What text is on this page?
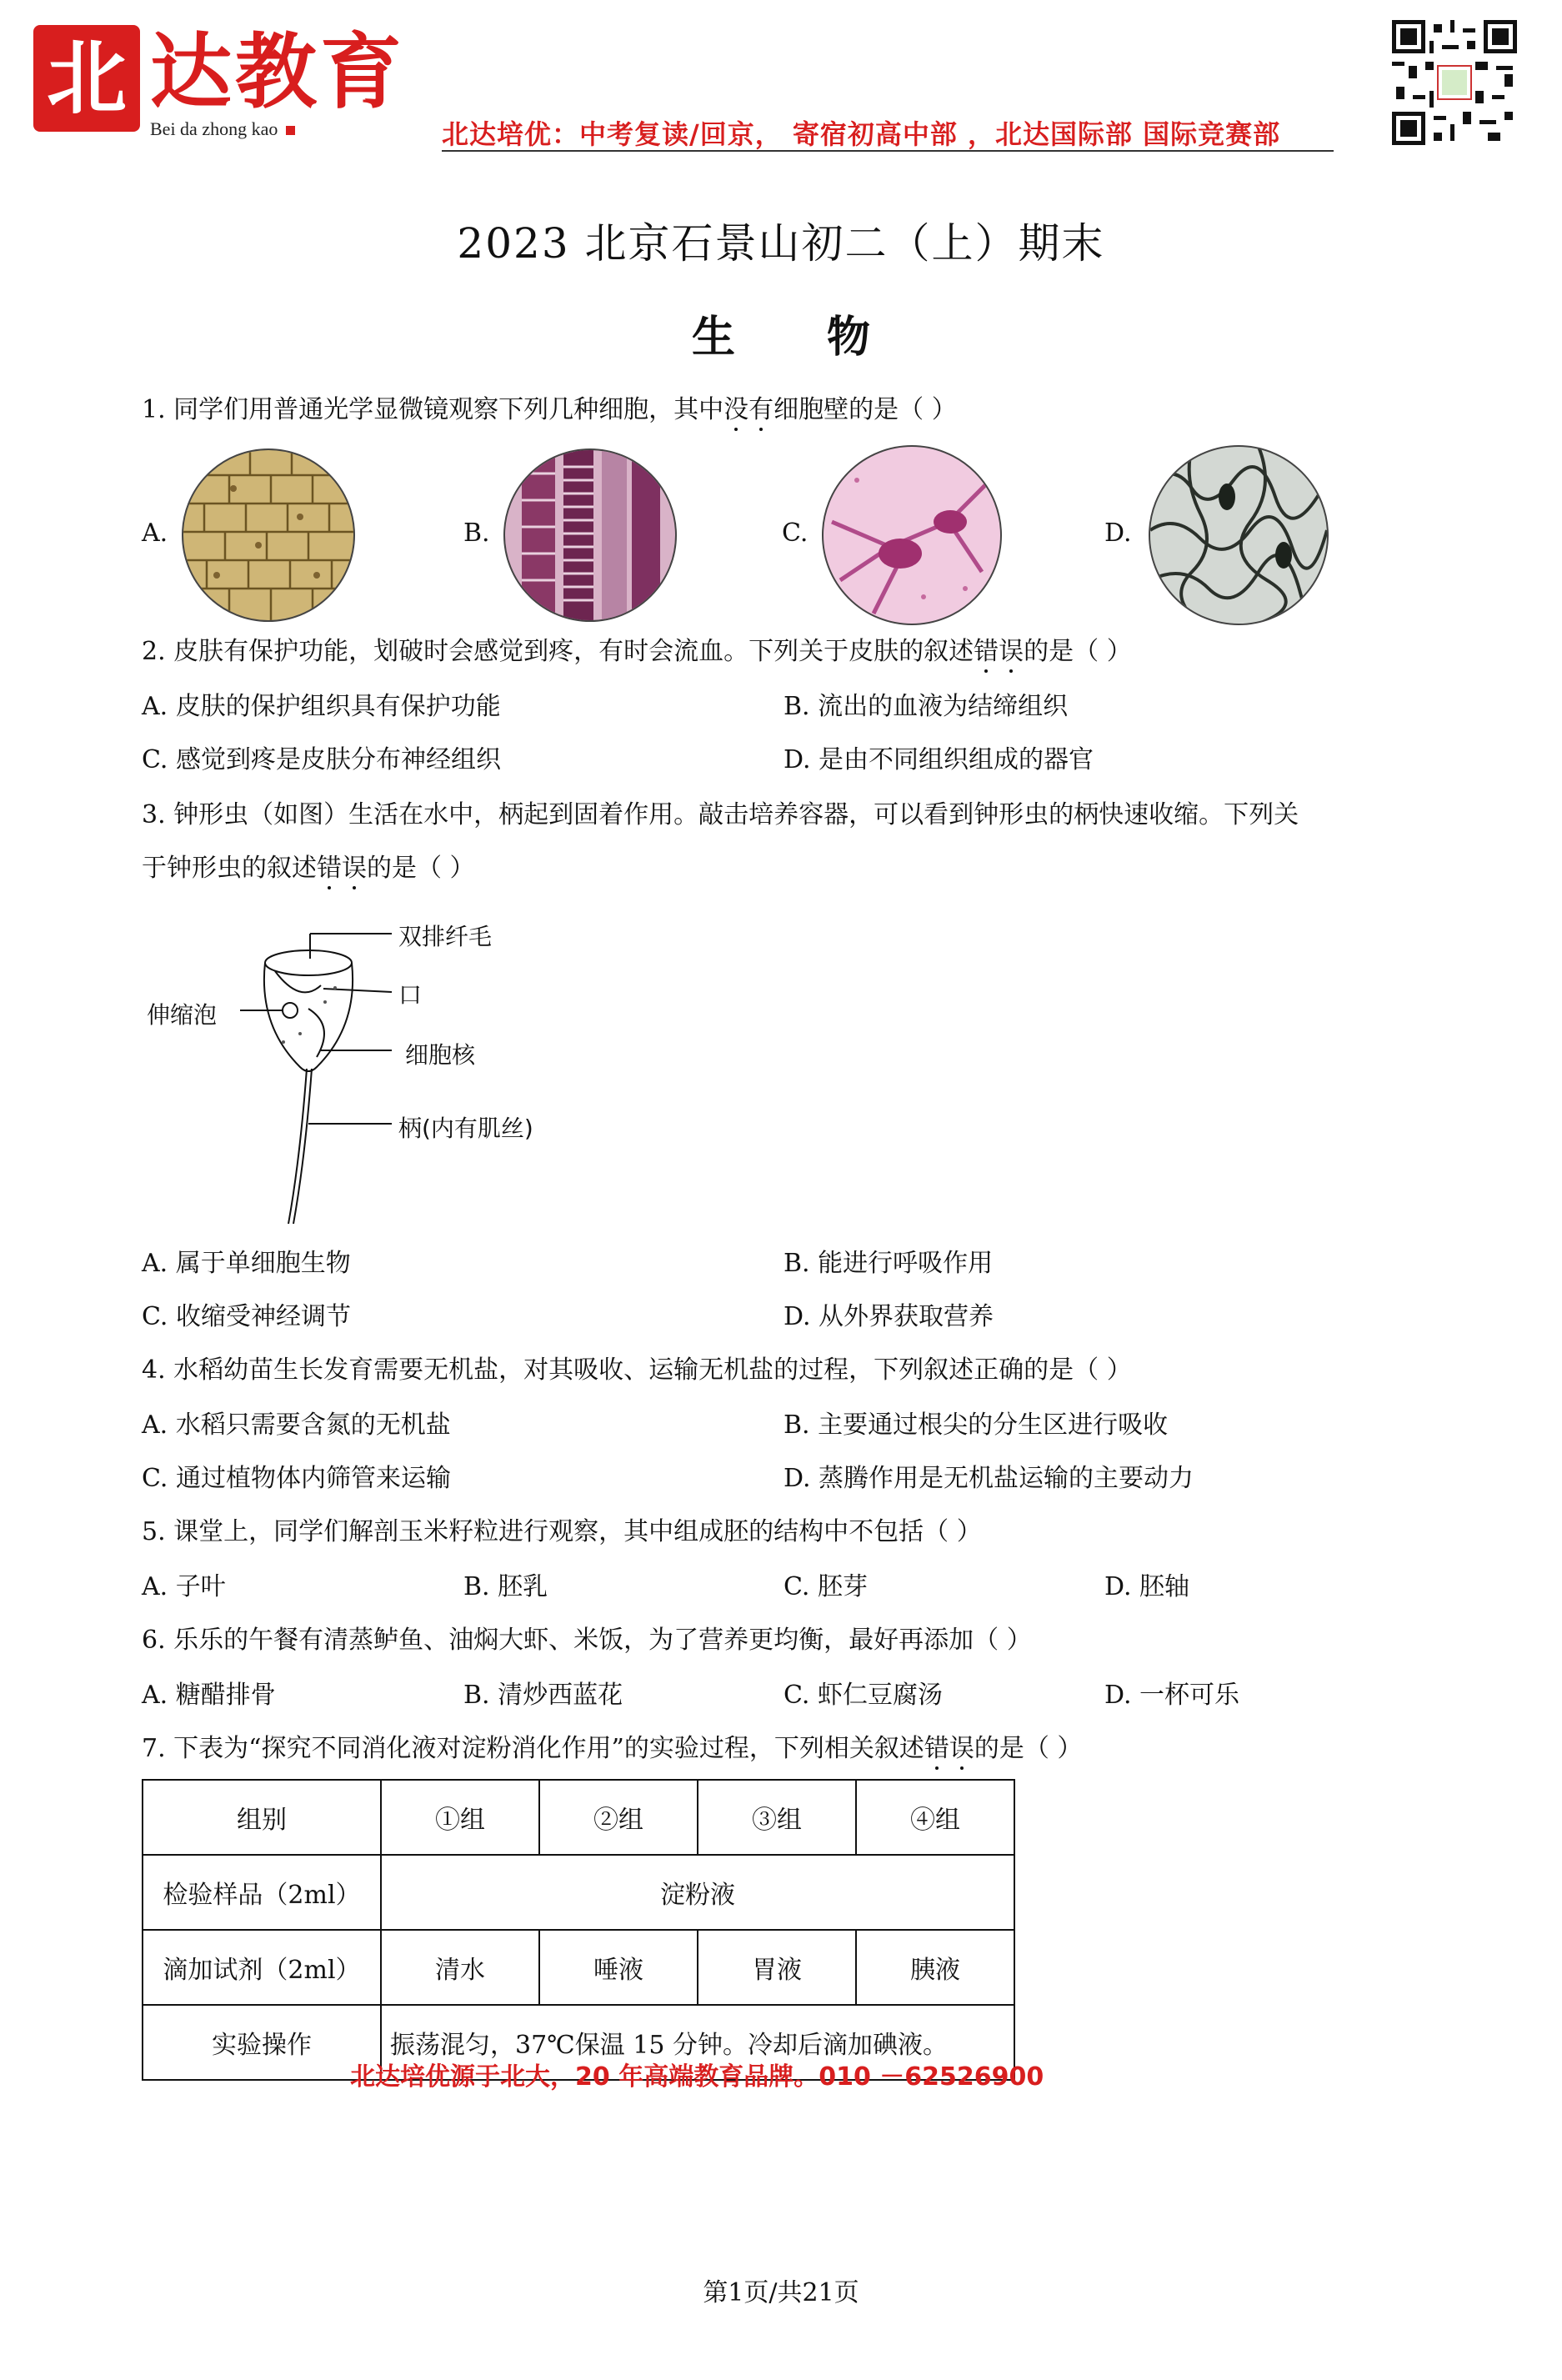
北 达教育
Bei da zhong kao	北达培优：中考复读/回京， 寄宿初高中部 ，北达国际部 国际竞赛部
2023 北京石景山初二（上）期末
生物
1. 同学们用普通光学显微镜观察下列几种细胞，其中没有细胞壁的是（ ）
A.	B.	C.	D.
2. 皮肤有保护功能，划破时会感觉到疼，有时会流血。下列关于皮肤的叙述错误的是（ ）
A. 皮肤的保护组织具有保护功能	B. 流出的血液为结缔组织
C. 感觉到疼是皮肤分布神经组织	D. 是由不同组织组成的器官
3. 钟形虫（如图）生活在水中，柄起到固着作用。敲击培养容器，可以看到钟形虫的柄快速收缩。下列关
于钟形虫的叙述错误的是（ ）
双排纤毛
口
伸缩泡
细胞核
柄(内有肌丝)
A. 属于单细胞生物	B. 能进行呼吸作用
C. 收缩受神经调节	D. 从外界获取营养
4. 水稻幼苗生长发育需要无机盐，对其吸收、运输无机盐的过程，下列叙述正确的是（ ）
A. 水稻只需要含氮的无机盐	B. 主要通过根尖的分生区进行吸收
C. 通过植物体内筛管来运输	D. 蒸腾作用是无机盐运输的主要动力
5. 课堂上，同学们解剖玉米籽粒进行观察，其中组成胚的结构中不包括（ ）
A. 子叶	B. 胚乳	C. 胚芽	D. 胚轴
6. 乐乐的午餐有清蒸鲈鱼、油焖大虾、米饭，为了营养更均衡，最好再添加（ ）
A. 糖醋排骨	B. 清炒西蓝花	C. 虾仁豆腐汤	D. 一杯可乐
7. 下表为“探究不同消化液对淀粉消化作用”的实验过程，下列相关叙述错误的是（ ）
组别	①组	②组	③组	④组
检验样品（2ml）	淀粉液			
滴加试剂（2ml）	清水	唾液	胃液	胰液
实验操作	振荡混匀，37℃保温 15 分钟。冷却后滴加碘液。			
北达培优源于北大，20 年高端教育品牌。010 －62526900
第1页/共21页
